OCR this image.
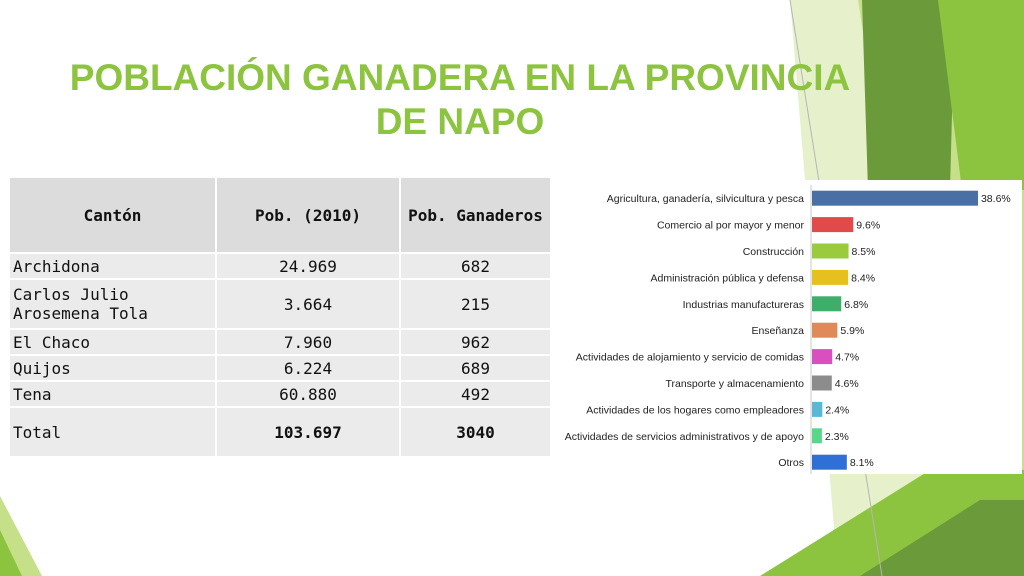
POBLACIÓN GANADERA EN LA PROVINCIA DE NAPO
Cantón	Pob. (2010)	Pob. Ganaderos
Archidona	24.969	682
Carlos Julio Arosemena Tola	3.664	215
El Chaco	7.960	962
Quijos	6.224	689
Tena	60.880	492
Total	103.697	3040
Agricultura, ganadería, silvicultura y pesca	38.6%
Comercio al por mayor y menor	9.6%
Construcción	8.5%
Administración pública y defensa	8.4%
Industrias manufactureras	6.8%
Enseñanza	5.9%
Actividades de alojamiento y servicio de comidas	4.7%
Transporte y almacenamiento	4.6%
Actividades de los hogares como empleadores 2.4%
Actividades de servicios administrativos y de apoyo 2.3%
Otros	8.1%
